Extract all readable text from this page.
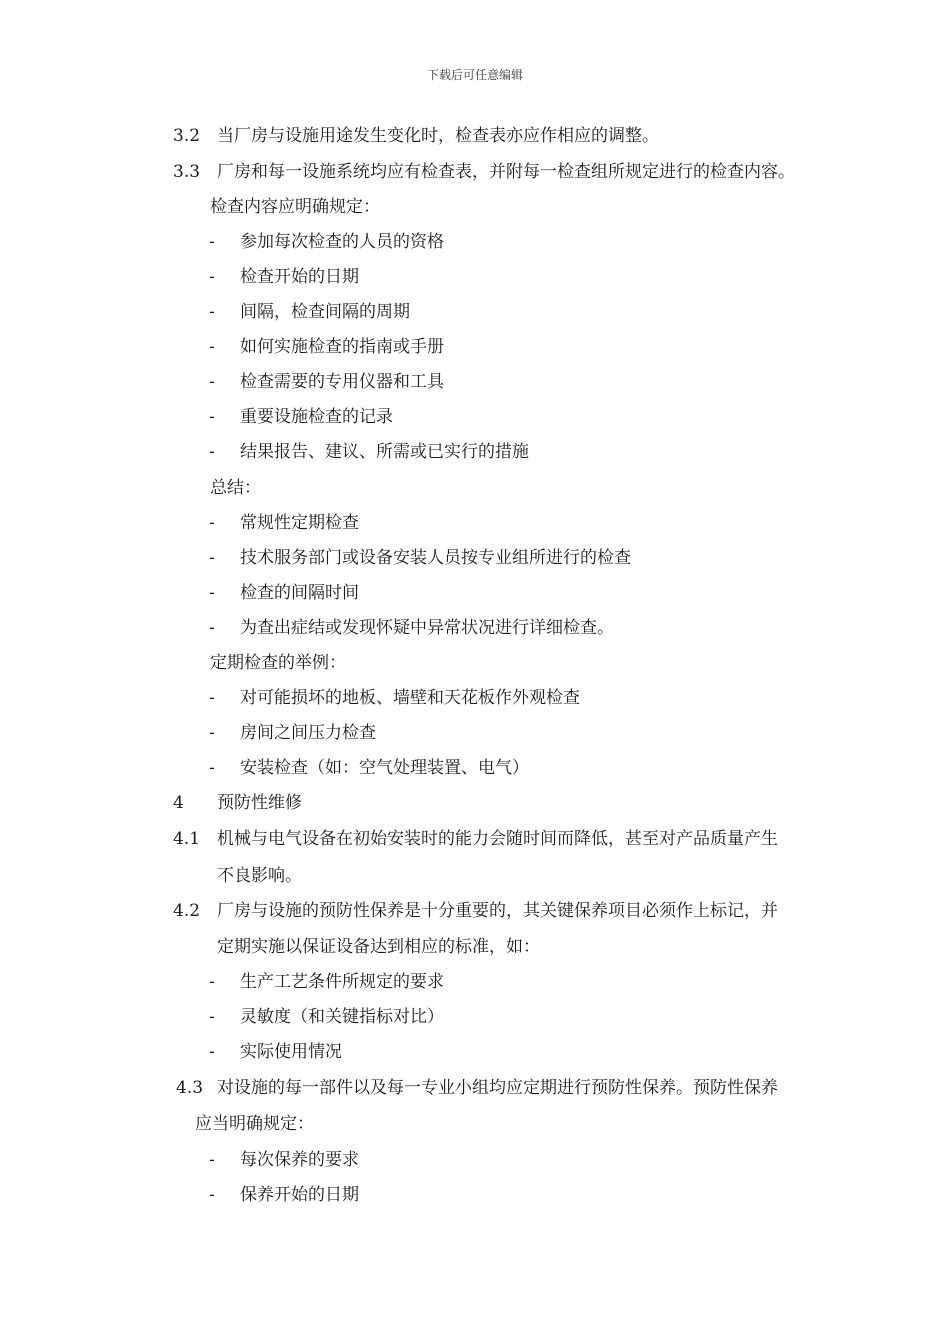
下载后可任意编辑
3.2 当厂房与设施用途发生变化时，检查表亦应作相应的调整。
3.3 厂房和每一设施系统均应有检查表，并附每一检查组所规定进行的检查内容。
检查内容应明确规定：
- 参加每次检查的人员的资格
- 检查开始的日期
- 间隔，检查间隔的周期
- 如何实施检查的指南或手册
- 检查需要的专用仪器和工具
- 重要设施检查的记录
- 结果报告、建议、所需或已实行的措施
总结：
- 常规性定期检查
- 技术服务部门或设备安装人员按专业组所进行的检查
- 检查的间隔时间
- 为查出症结或发现怀疑中异常状况进行详细检查。
定期检查的举例：
- 对可能损坏的地板、墙壁和天花板作外观检查
- 房间之间压力检查
- 安装检查（如：空气处理装置、电气）
4 预防性维修
4.1 机械与电气设备在初始安装时的能力会随时间而降低，甚至对产品质量产生
不良影响。
4.2 厂房与设施的预防性保养是十分重要的，其关键保养项目必须作上标记，并
定期实施以保证设备达到相应的标准，如：
- 生产工艺条件所规定的要求
- 灵敏度（和关键指标对比）
- 实际使用情况
4.3 对设施的每一部件以及每一专业小组均应定期进行预防性保养。预防性保养
应当明确规定：
- 每次保养的要求
- 保养开始的日期
